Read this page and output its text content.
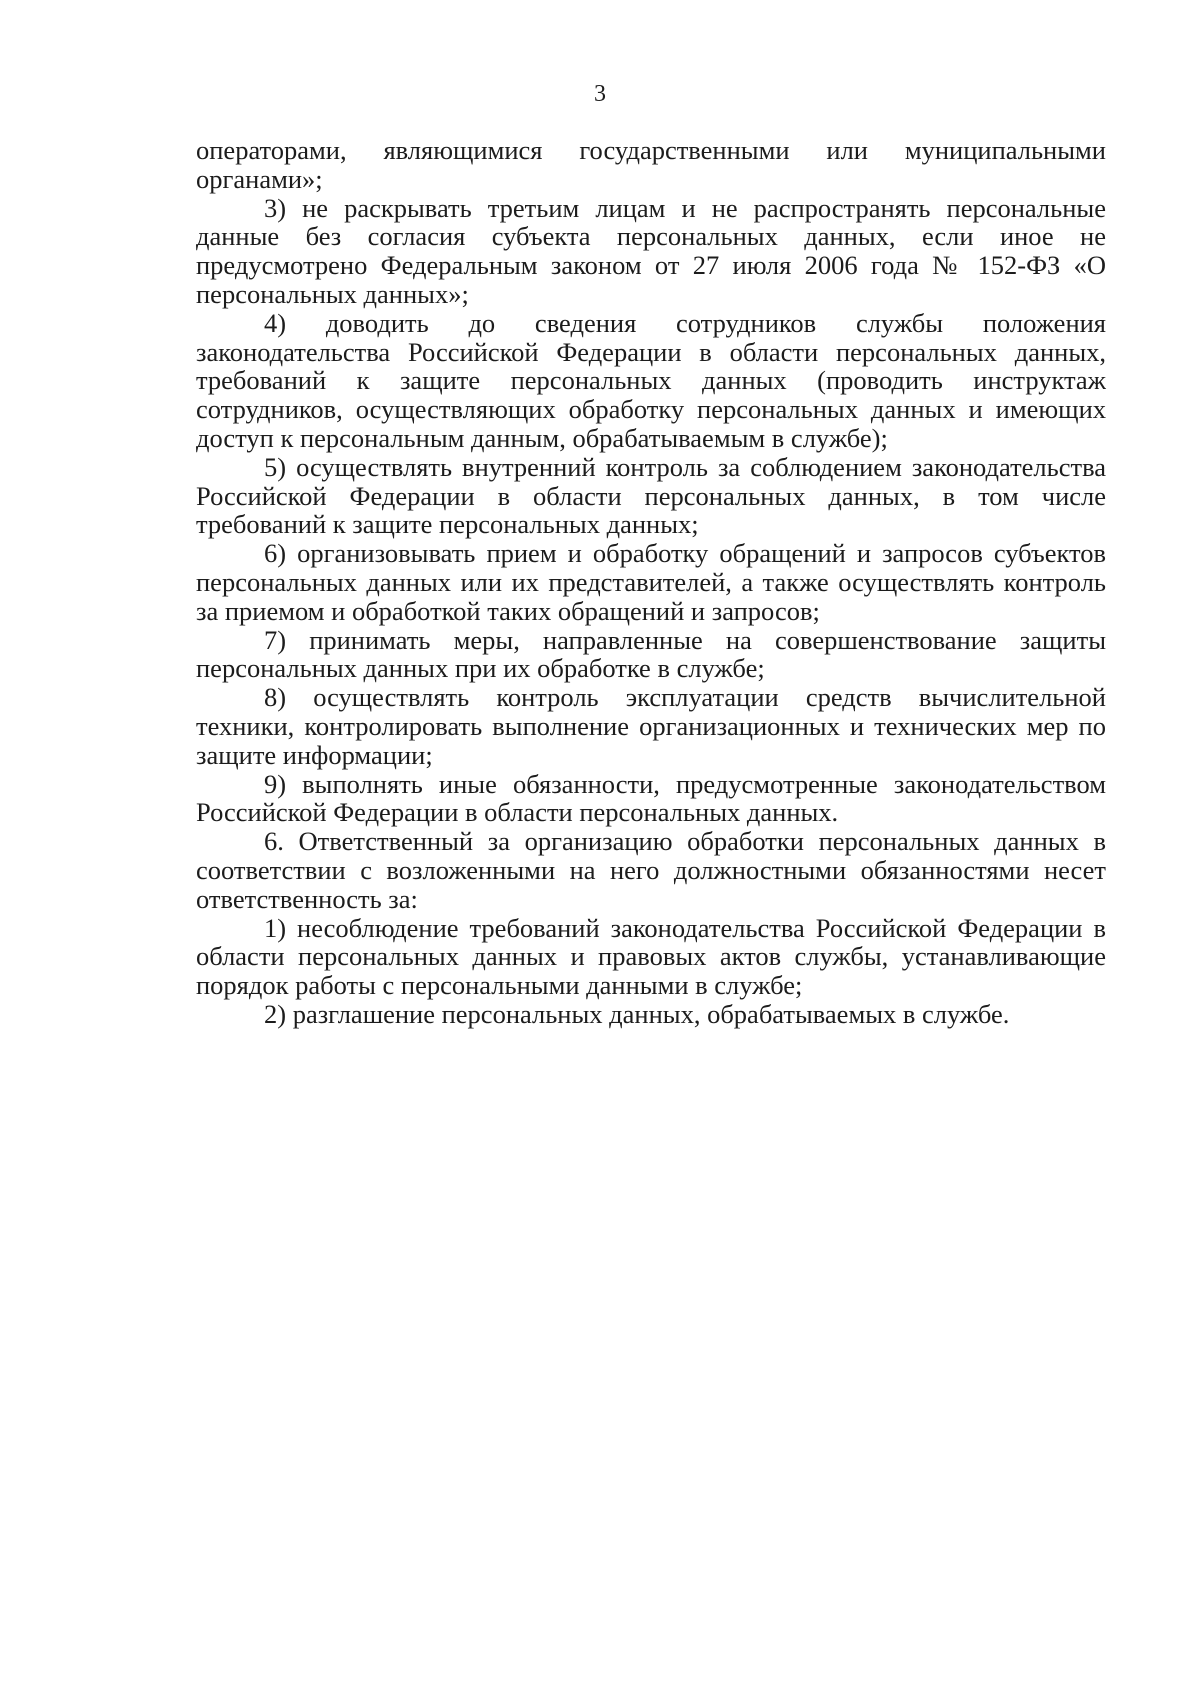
3

операторами, являющимися государственными или муниципальными органами»;

3) не раскрывать третьим лицам и не распространять персональные данные без согласия субъекта персональных данных, если иное не предусмотрено Федеральным законом от 27 июля 2006 года № 152-ФЗ «О персональных данных»;

4) доводить до сведения сотрудников службы положения законодательства Российской Федерации в области персональных данных, требований к защите персональных данных (проводить инструктаж сотрудников, осуществляющих обработку персональных данных и имеющих доступ к персональным данным, обрабатываемым в службе);

5) осуществлять внутренний контроль за соблюдением законодательства Российской Федерации в области персональных данных, в том числе требований к защите персональных данных;

6) организовывать прием и обработку обращений и запросов субъектов персональных данных или их представителей, а также осуществлять контроль за приемом и обработкой таких обращений и запросов;

7) принимать меры, направленные на совершенствование защиты персональных данных при их обработке в службе;

8) осуществлять контроль эксплуатации средств вычислительной техники, контролировать выполнение организационных и технических мер по защите информации;

9) выполнять иные обязанности, предусмотренные законодательством Российской Федерации в области персональных данных.

6. Ответственный за организацию обработки персональных данных в соответствии с возложенными на него должностными обязанностями несет ответственность за:

1) несоблюдение требований законодательства Российской Федерации в области персональных данных и правовых актов службы, устанавливающие порядок работы с персональными данными в службе;

2) разглашение персональных данных, обрабатываемых в службе.
